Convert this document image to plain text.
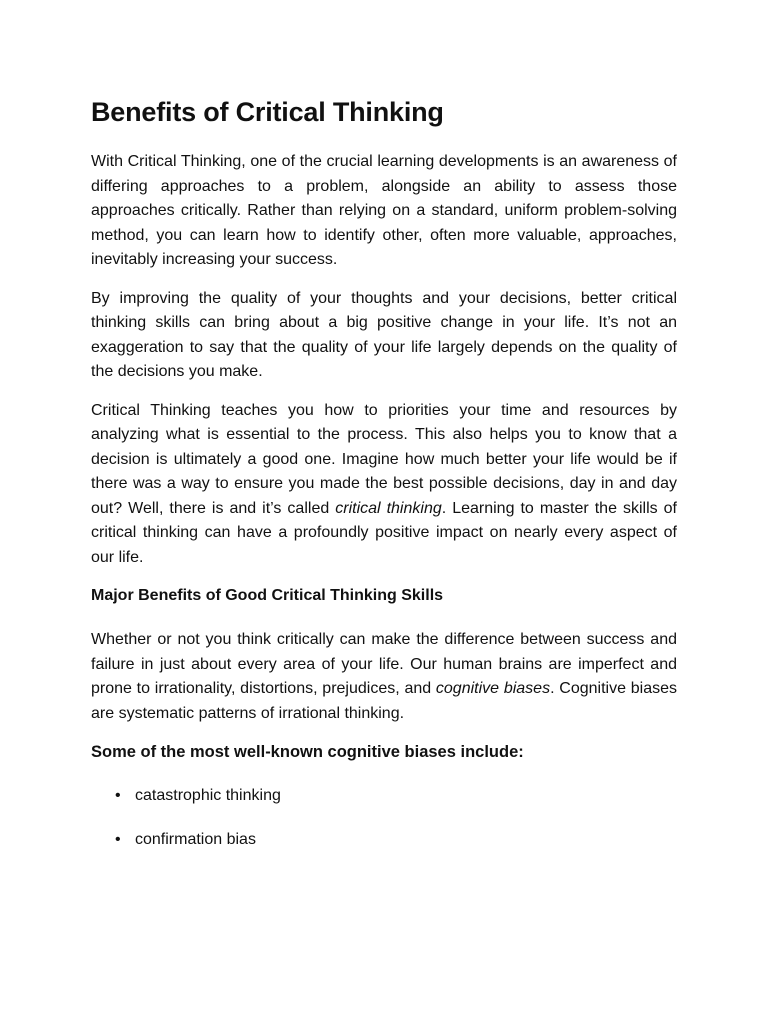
Benefits of Critical Thinking

With Critical Thinking, one of the crucial learning developments is an awareness of differing approaches to a problem, alongside an ability to assess those approaches critically. Rather than relying on a standard, uniform problem-solving method, you can learn how to identify other, often more valuable, approaches, inevitably increasing your success.

By improving the quality of your thoughts and your decisions, better critical thinking skills can bring about a big positive change in your life. It’s not an exaggeration to say that the quality of your life largely depends on the quality of the decisions you make.

Critical Thinking teaches you how to priorities your time and resources by analyzing what is essential to the process. This also helps you to know that a decision is ultimately a good one. Imagine how much better your life would be if there was a way to ensure you made the best possible decisions, day in and day out? Well, there is and it’s called critical thinking. Learning to master the skills of critical thinking can have a profoundly positive impact on nearly every aspect of our life.

Major Benefits of Good Critical Thinking Skills

Whether or not you think critically can make the difference between success and failure in just about every area of your life. Our human brains are imperfect and prone to irrationality, distortions, prejudices, and cognitive biases. Cognitive biases are systematic patterns of irrational thinking.

Some of the most well-known cognitive biases include:
• catastrophic thinking
• confirmation bias
